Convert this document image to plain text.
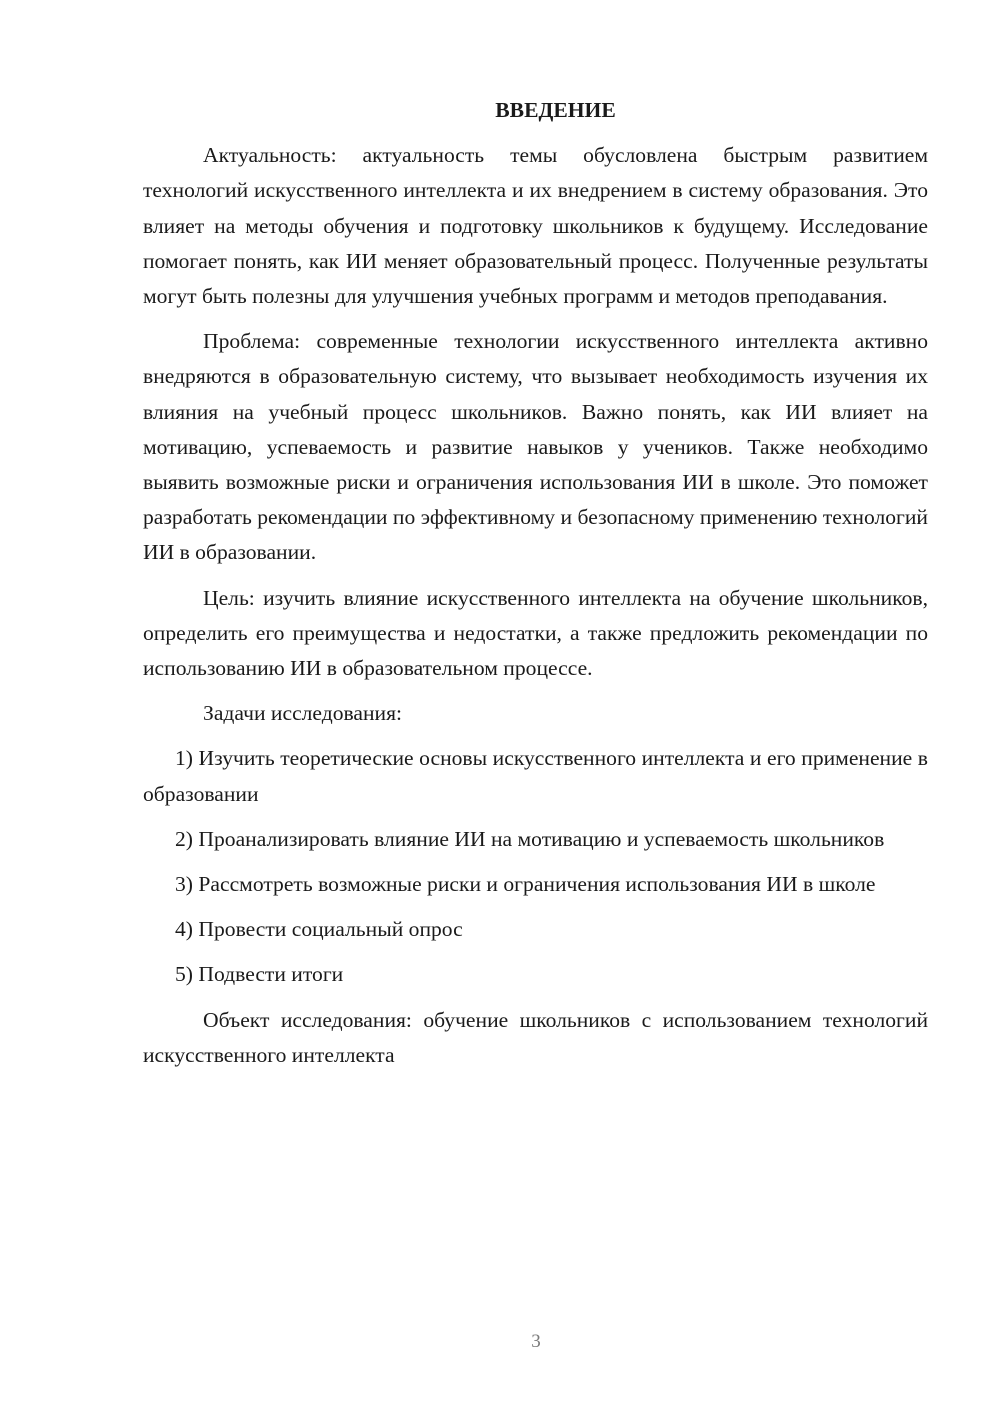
ВВЕДЕНИЕ

Актуальность: актуальность темы обусловлена быстрым развитием технологий искусственного интеллекта и их внедрением в систему образования. Это влияет на методы обучения и подготовку школьников к будущему. Исследование помогает понять, как ИИ меняет образовательный процесс. Полученные результаты могут быть полезны для улучшения учебных программ и методов преподавания.

Проблема: современные технологии искусственного интеллекта активно внедряются в образовательную систему, что вызывает необходимость изучения их влияния на учебный процесс школьников. Важно понять, как ИИ влияет на мотивацию, успеваемость и развитие навыков у учеников. Также необходимо выявить возможные риски и ограничения использования ИИ в школе. Это поможет разработать рекомендации по эффективному и безопасному применению технологий ИИ в образовании.

Цель: изучить влияние искусственного интеллекта на обучение школьников, определить его преимущества и недостатки, а также предложить рекомендации по использованию ИИ в образовательном процессе.

Задачи исследования:

1) Изучить теоретические основы искусственного интеллекта и его применение в образовании
2) Проанализировать влияние ИИ на мотивацию и успеваемость школьников
3) Рассмотреть возможные риски и ограничения использования ИИ в школе
4) Провести социальный опрос
5) Подвести итоги

Объект исследования: обучение школьников с использованием технологий искусственного интеллекта

3
